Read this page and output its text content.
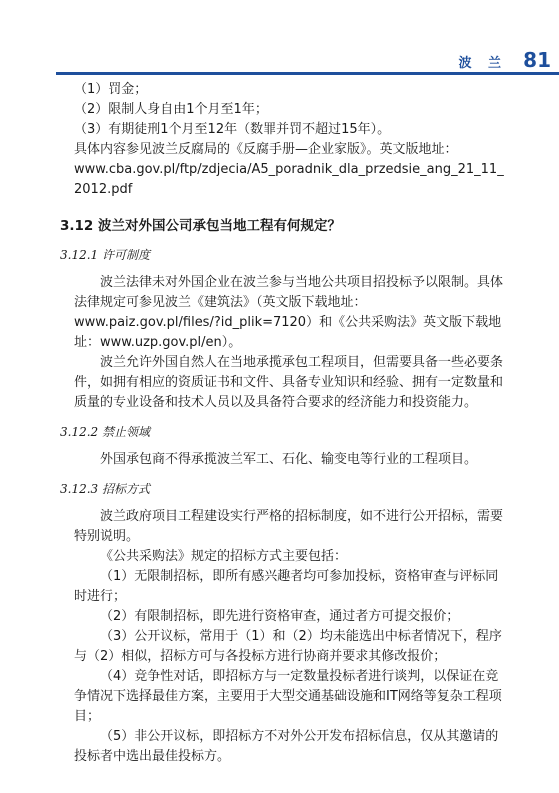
波 兰 81

（1）罚金；

（2）限制人身自由1个月至1年；

（3）有期徒刑1个月至12年（数罪并罚不超过15年）。

具体内容参见波兰反腐局的《反腐手册—企业家版》。英文版地址：

www.cba.gov.pl/ftp/zdjecia/A5_poradnik_dla_przedsie_ang_21_11_2012.pdf

3.12 波兰对外国公司承包当地工程有何规定？
3.12.1 许可制度

波兰法律未对外国企业在波兰参与当地公共项目招投标予以限制。具体法律规定可参见波兰《建筑法》（英文版下载地址：www.paiz.gov.pl/files/?id_plik=7120）和《公共采购法》英文版下载地址：www.uzp.gov.pl/en）。

波兰允许外国自然人在当地承揽承包工程项目，但需要具备一些必要条件，如拥有相应的资质证书和文件、具备专业知识和经验、拥有一定数量和质量的专业设备和技术人员以及具备符合要求的经济能力和投资能力。

3.12.2 禁止领域

外国承包商不得承揽波兰军工、石化、输变电等行业的工程项目。

3.12.3 招标方式

波兰政府项目工程建设实行严格的招标制度，如不进行公开招标，需要特别说明。

《公共采购法》规定的招标方式主要包括：

（1）无限制招标，即所有感兴趣者均可参加投标，资格审查与评标同时进行；

（2）有限制招标，即先进行资格审查，通过者方可提交报价；

（3）公开议标，常用于（1）和（2）均未能选出中标者情况下，程序与（2）相似，招标方可与各投标方进行协商并要求其修改报价；

（4）竞争性对话，即招标方与一定数量投标者进行谈判，以保证在竞争情况下选择最佳方案，主要用于大型交通基础设施和IT网络等复杂工程项目；

（5）非公开议标，即招标方不对外公开发布招标信息，仅从其邀请的投标者中选出最佳投标方。
